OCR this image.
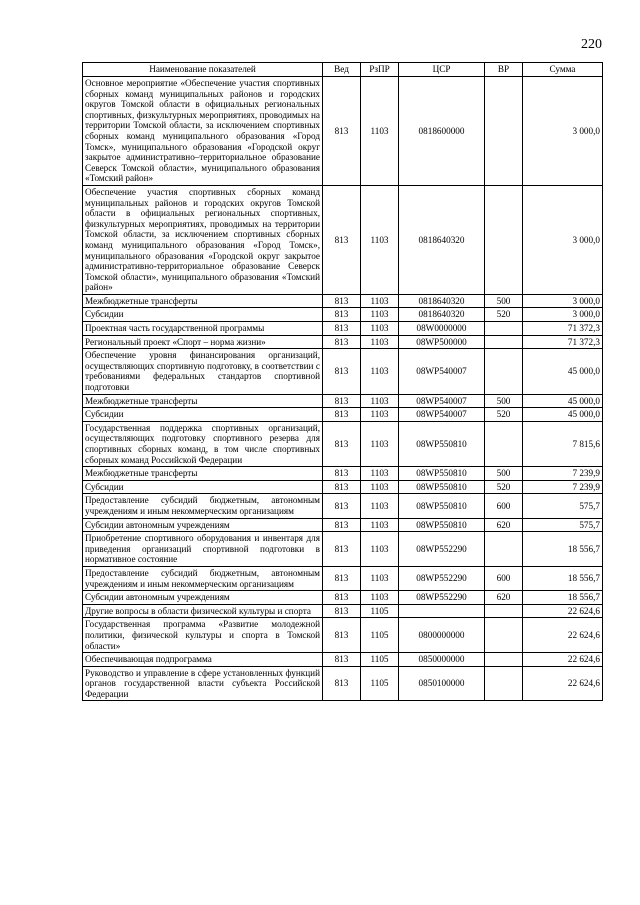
220
Наименование показателей	Вед	РзПР	ЦСР	ВР	Сумма
Основное мероприятие «Обеспечение участия спортивных сборных команд муниципальных районов и городских округов Томской области в официальных региональных спортивных, физкультурных мероприятиях, проводимых на территории Томской области, за исключением спортивных сборных команд муниципального образования «Город Томск», муниципального образования «Городской округ закрытое административно–территориальное образование Северск Томской области», муниципального образования «Томский район»	813	1103	0818600000		3 000,0
Обеспечение участия спортивных сборных команд муниципальных районов и городских округов Томской области в официальных региональных спортивных, физкультурных мероприятиях, проводимых на территории Томской области, за исключением спортивных сборных команд муниципального образования «Город Томск», муниципального образования «Городской округ закрытое административно-территориальное образование Северск Томской области», муниципального образования «Томский район»	813	1103	0818640320		3 000,0
Межбюджетные трансферты	813	1103	0818640320	500	3 000,0
Субсидии	813	1103	0818640320	520	3 000,0
Проектная часть государственной программы	813	1103	08W0000000		71 372,3
Региональный проект «Спорт – норма жизни»	813	1103	08WP500000		71 372,3
Обеспечение уровня финансирования организаций, осуществляющих спортивную подготовку, в соответствии с требованиями федеральных стандартов спортивной подготовки	813	1103	08WP540007		45 000,0
Межбюджетные трансферты	813	1103	08WP540007	500	45 000,0
Субсидии	813	1103	08WP540007	520	45 000,0
Государственная поддержка спортивных организаций, осуществляющих подготовку спортивного резерва для спортивных сборных команд, в том числе спортивных сборных команд Российской Федерации	813	1103	08WP550810		7 815,6
Межбюджетные трансферты	813	1103	08WP550810	500	7 239,9
Субсидии	813	1103	08WP550810	520	7 239,9
Предоставление субсидий бюджетным, автономным учреждениям и иным некоммерческим организациям	813	1103	08WP550810	600	575,7
Субсидии автономным учреждениям	813	1103	08WP550810	620	575,7
Приобретение спортивного оборудования и инвентаря для приведения организаций спортивной подготовки в нормативное состояние	813	1103	08WP552290		18 556,7
Предоставление субсидий бюджетным, автономным учреждениям и иным некоммерческим организациям	813	1103	08WP552290	600	18 556,7
Субсидии автономным учреждениям	813	1103	08WP552290	620	18 556,7
Другие вопросы в области физической культуры и спорта	813	1105			22 624,6
Государственная программа «Развитие молодежной политики, физической культуры и спорта в Томской области»	813	1105	0800000000		22 624,6
Обеспечивающая подпрограмма	813	1105	0850000000		22 624,6
Руководство и управление в сфере установленных функций органов государственной власти субъекта Российской Федерации	813	1105	0850100000		22 624,6
